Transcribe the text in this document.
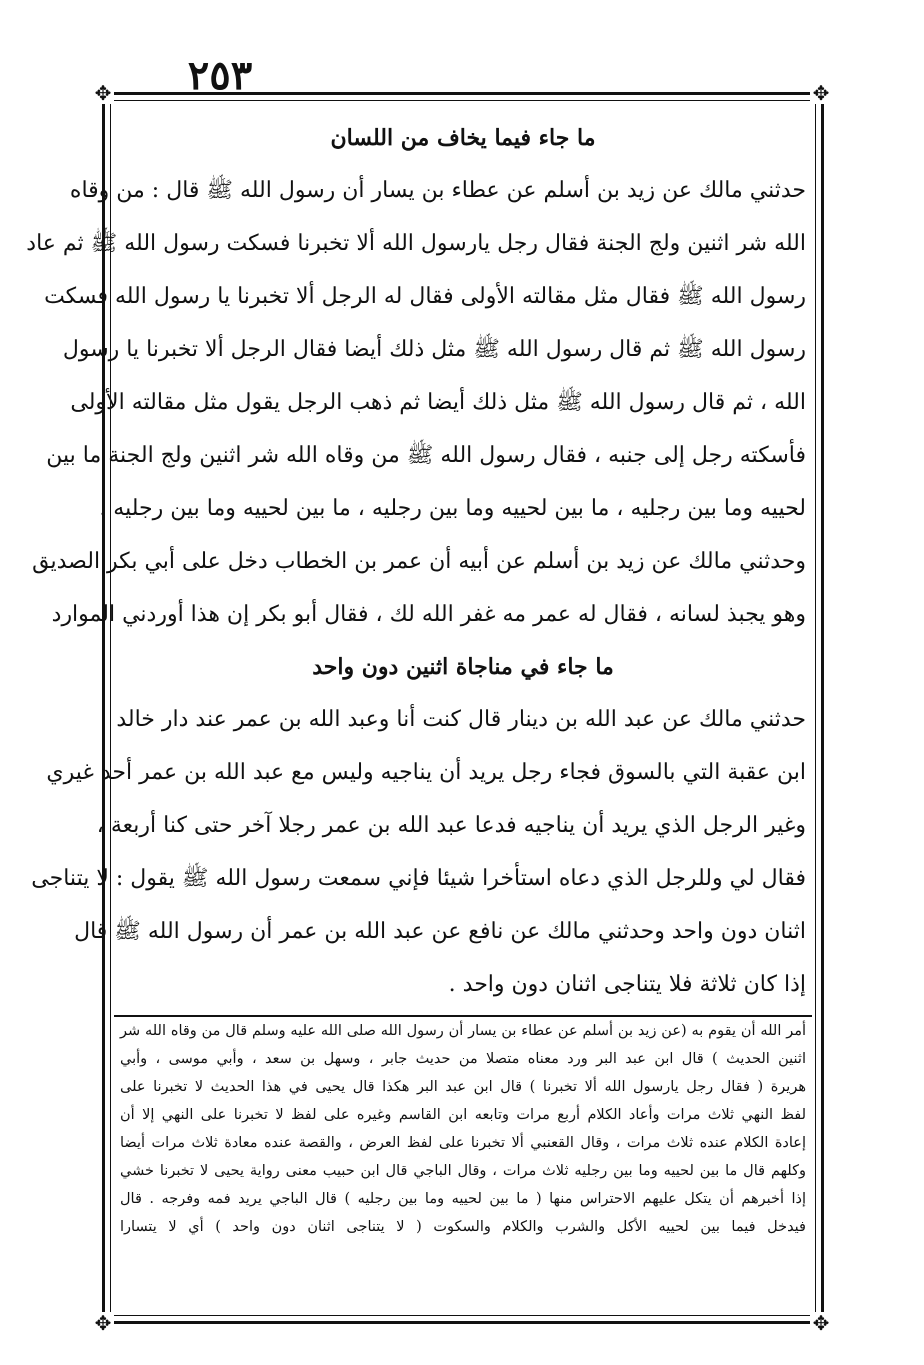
٢٥٣
✥	✥
✥	✥
ما جاء فيما يخاف من اللسان
حدثني مالك عن زيد بن أسلم عن عطاء بن يسار أن رسول الله ﷺ قال : من وقاه
الله شر اثنين ولج الجنة فقال رجل يارسول الله ألا تخبرنا فسكت رسول الله ﷺ ثم عاد
رسول الله ﷺ فقال مثل مقالته الأولى فقال له الرجل ألا تخبرنا يا رسول الله فسكت
رسول الله ﷺ ثم قال رسول الله ﷺ مثل ذلك أيضا فقال الرجل ألا تخبرنا يا رسول
الله ، ثم قال رسول الله ﷺ مثل ذلك أيضا ثم ذهب الرجل يقول مثل مقالته الأولى
فأسكته رجل إلى جنبه ، فقال رسول الله ﷺ من وقاه الله شر اثنين ولج الجنة ما بين
لحييه وما بين رجليه ، ما بين لحييه وما بين رجليه ، ما بين لحييه وما بين رجليه .
وحدثني مالك عن زيد بن أسلم عن أبيه أن عمر بن الخطاب دخل على أبي بكر الصديق
وهو يجبذ لسانه ، فقال له عمر مه غفر الله لك ، فقال أبو بكر إن هذا أوردني الموارد
ما جاء في مناجاة اثنين دون واحد
حدثني مالك عن عبد الله بن دينار قال كنت أنا وعبد الله بن عمر عند دار خالد
ابن عقبة التي بالسوق فجاء رجل يريد أن يناجيه وليس مع عبد الله بن عمر أحد غيري
وغير الرجل الذي يريد أن يناجيه فدعا عبد الله بن عمر رجلا آخر حتى كنا أربعة ،
فقال لي وللرجل الذي دعاه استأخرا شيئا فإني سمعت رسول الله ﷺ يقول : لا يتناجى
اثنان دون واحد وحدثني مالك عن نافع عن عبد الله بن عمر أن رسول الله ﷺ قال
إذا كان ثلاثة فلا يتناجى اثنان دون واحد .
أمر الله أن يقوم به (عن زيد بن أسلم عن عطاء بن يسار أن رسول الله صلى الله عليه وسلم قال من وقاه الله شر
اثنين الحديث ) قال ابن عبد البر ورد معناه متصلا من حديث جابر ، وسهل بن سعد ، وأبي موسى ، وأبي
هريرة ( فقال رجل يارسول الله ألا تخبرنا ) قال ابن عبد البر هكذا قال يحيى في هذا الحديث لا تخبرنا على
لفظ النهي ثلاث مرات وأعاد الكلام أربع مرات وتابعه ابن القاسم وغيره على لفظ لا تخبرنا على النهي إلا أن
إعادة الكلام عنده ثلاث مرات ، وقال القعنبي ألا تخبرنا على لفظ العرض ، والقصة عنده معادة ثلاث مرات أيضا
وكلهم قال ما بين لحييه وما بين رجليه ثلاث مرات ، وقال الباجي قال ابن حبيب معنى رواية يحيى لا تخبرنا خشي
إذا أخبرهم أن يتكل عليهم الاحتراس منها ( ما بين لحييه وما بين رجليه ) قال الباجي يريد فمه وفرجه . قال
فيدخل فيما بين لحييه الأكل والشرب والكلام والسكوت ( لا يتناجى اثنان دون واحد ) أي لا يتسارا
